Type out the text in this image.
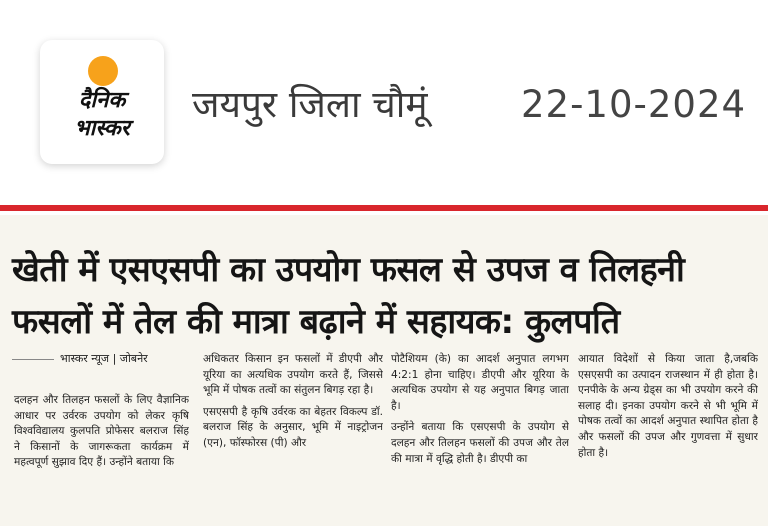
दैनिक
भास्कर
जयपुर जिला चौमूं	22-10-2024
खेती में एसएसपी का उपयोग फसल से उपज व तिलहनी
फसलों में तेल की मात्रा बढ़ाने में सहायक: कुलपति
भास्कर न्यूज | जोबनेर

दलहन और तिलहन फसलों के लिए वैज्ञानिक आधार पर उर्वरक उपयोग को लेकर कृषि विश्वविद्यालय कुलपति प्रोफेसर बलराज सिंह ने किसानों के जागरूकता कार्यक्रम में महत्वपूर्ण सुझाव दिए हैं। उन्होंने बताया कि

अधिकतर किसान इन फसलों में डीएपी और यूरिया का अत्यधिक उपयोग करते हैं, जिससे भूमि में पोषक तत्वों का संतुलन बिगड़ रहा है।

एसएसपी है कृषि उर्वरक का बेहतर विकल्प डॉ. बलराज सिंह के अनुसार, भूमि में नाइट्रोजन (एन), फॉस्फोरस (पी) और

पोटैशियम (के) का आदर्श अनुपात लगभग 4:2:1 होना चाहिए। डीएपी और यूरिया के अत्यधिक उपयोग से यह अनुपात बिगड़ जाता है।

उन्होंने बताया कि एसएसपी के उपयोग से दलहन और तिलहन फसलों की उपज और तेल की मात्रा में वृद्धि होती है। डीएपी का

आयात विदेशों से किया जाता है,जबकि एसएसपी का उत्पादन राजस्थान में ही होता है। एनपीके के अन्य ग्रेड्स का भी उपयोग करने की सलाह दी। इनका उपयोग करने से भी भूमि में पोषक तत्वों का आदर्श अनुपात स्थापित होता है और फसलों की उपज और गुणवत्ता में सुधार होता है।
